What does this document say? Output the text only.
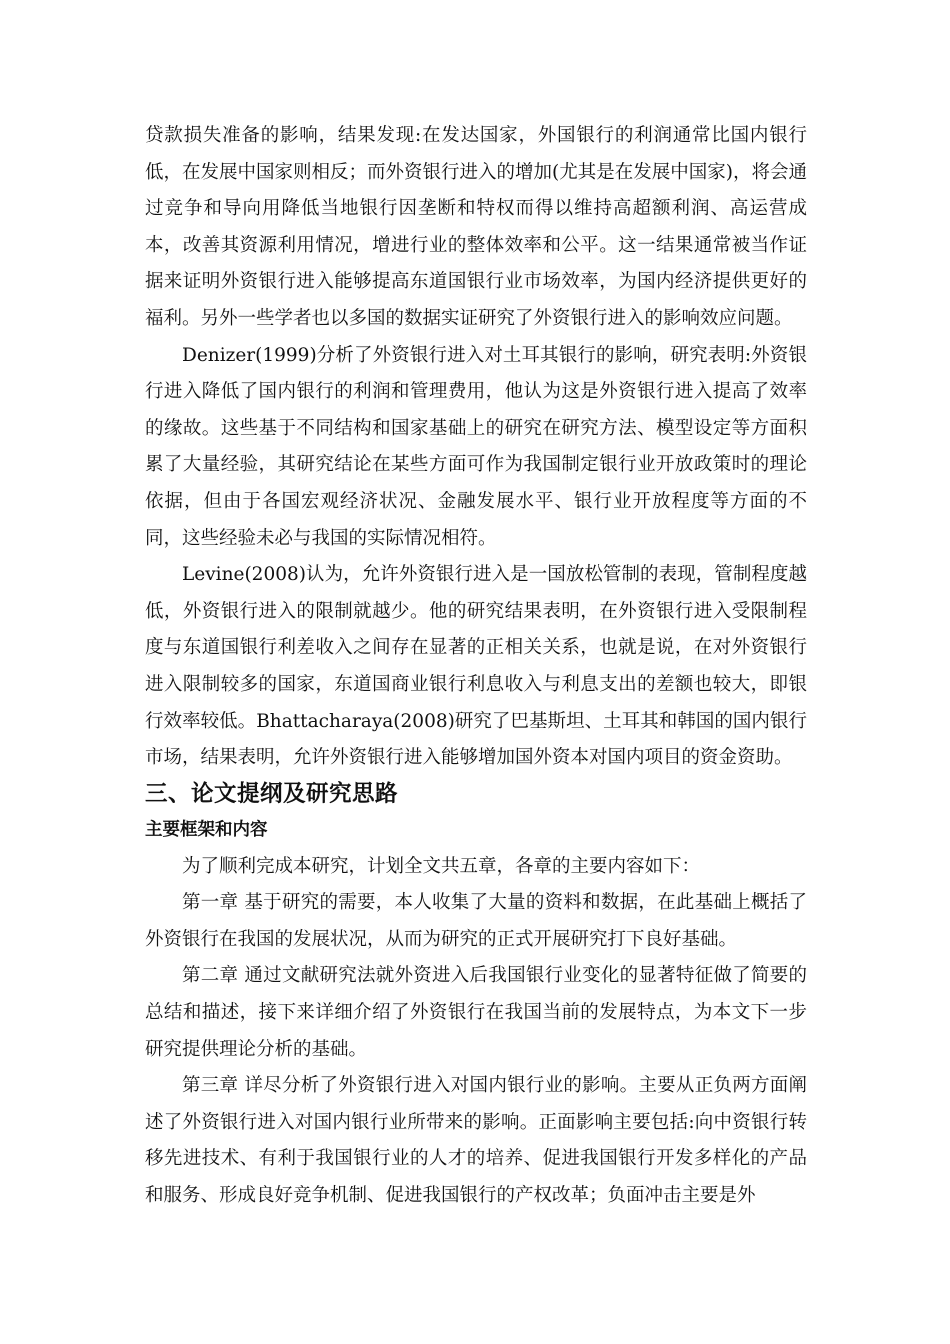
贷款损失准备的影响，结果发现:在发达国家，外国银行的利润通常比国内银行低，在发展中国家则相反；而外资银行进入的增加(尤其是在发展中国家)，将会通过竞争和导向用降低当地银行因垄断和特权而得以维持高超额利润、高运营成本，改善其资源利用情况，增进行业的整体效率和公平。这一结果通常被当作证据来证明外资银行进入能够提高东道国银行业市场效率，为国内经济提供更好的福利。另外一些学者也以多国的数据实证研究了外资银行进入的影响效应问题。

Denizer(1999)分析了外资银行进入对土耳其银行的影响，研究表明:外资银行进入降低了国内银行的利润和管理费用，他认为这是外资银行进入提高了效率的缘故。这些基于不同结构和国家基础上的研究在研究方法、模型设定等方面积累了大量经验，其研究结论在某些方面可作为我国制定银行业开放政策时的理论依据，但由于各国宏观经济状况、金融发展水平、银行业开放程度等方面的不同，这些经验未必与我国的实际情况相符。

Levine(2008)认为，允许外资银行进入是一国放松管制的表现，管制程度越低，外资银行进入的限制就越少。他的研究结果表明，在外资银行进入受限制程度与东道国银行利差收入之间存在显著的正相关关系，也就是说，在对外资银行进入限制较多的国家，东道国商业银行利息收入与利息支出的差额也较大，即银行效率较低。Bhattacharaya(2008)研究了巴基斯坦、土耳其和韩国的国内银行市场，结果表明，允许外资银行进入能够增加国外资本对国内项目的资金资助。

三、论文提纲及研究思路
主要框架和内容

为了顺利完成本研究，计划全文共五章，各章的主要内容如下：

第一章 基于研究的需要，本人收集了大量的资料和数据，在此基础上概括了外资银行在我国的发展状况，从而为研究的正式开展研究打下良好基础。

第二章 通过文献研究法就外资进入后我国银行业变化的显著特征做了简要的总结和描述，接下来详细介绍了外资银行在我国当前的发展特点，为本文下一步研究提供理论分析的基础。

第三章 详尽分析了外资银行进入对国内银行业的影响。主要从正负两方面阐述了外资银行进入对国内银行业所带来的影响。正面影响主要包括:向中资银行转移先进技术、有利于我国银行业的人才的培养、促进我国银行开发多样化的产品和服务、形成良好竞争机制、促进我国银行的产权改革；负面冲击主要是外
